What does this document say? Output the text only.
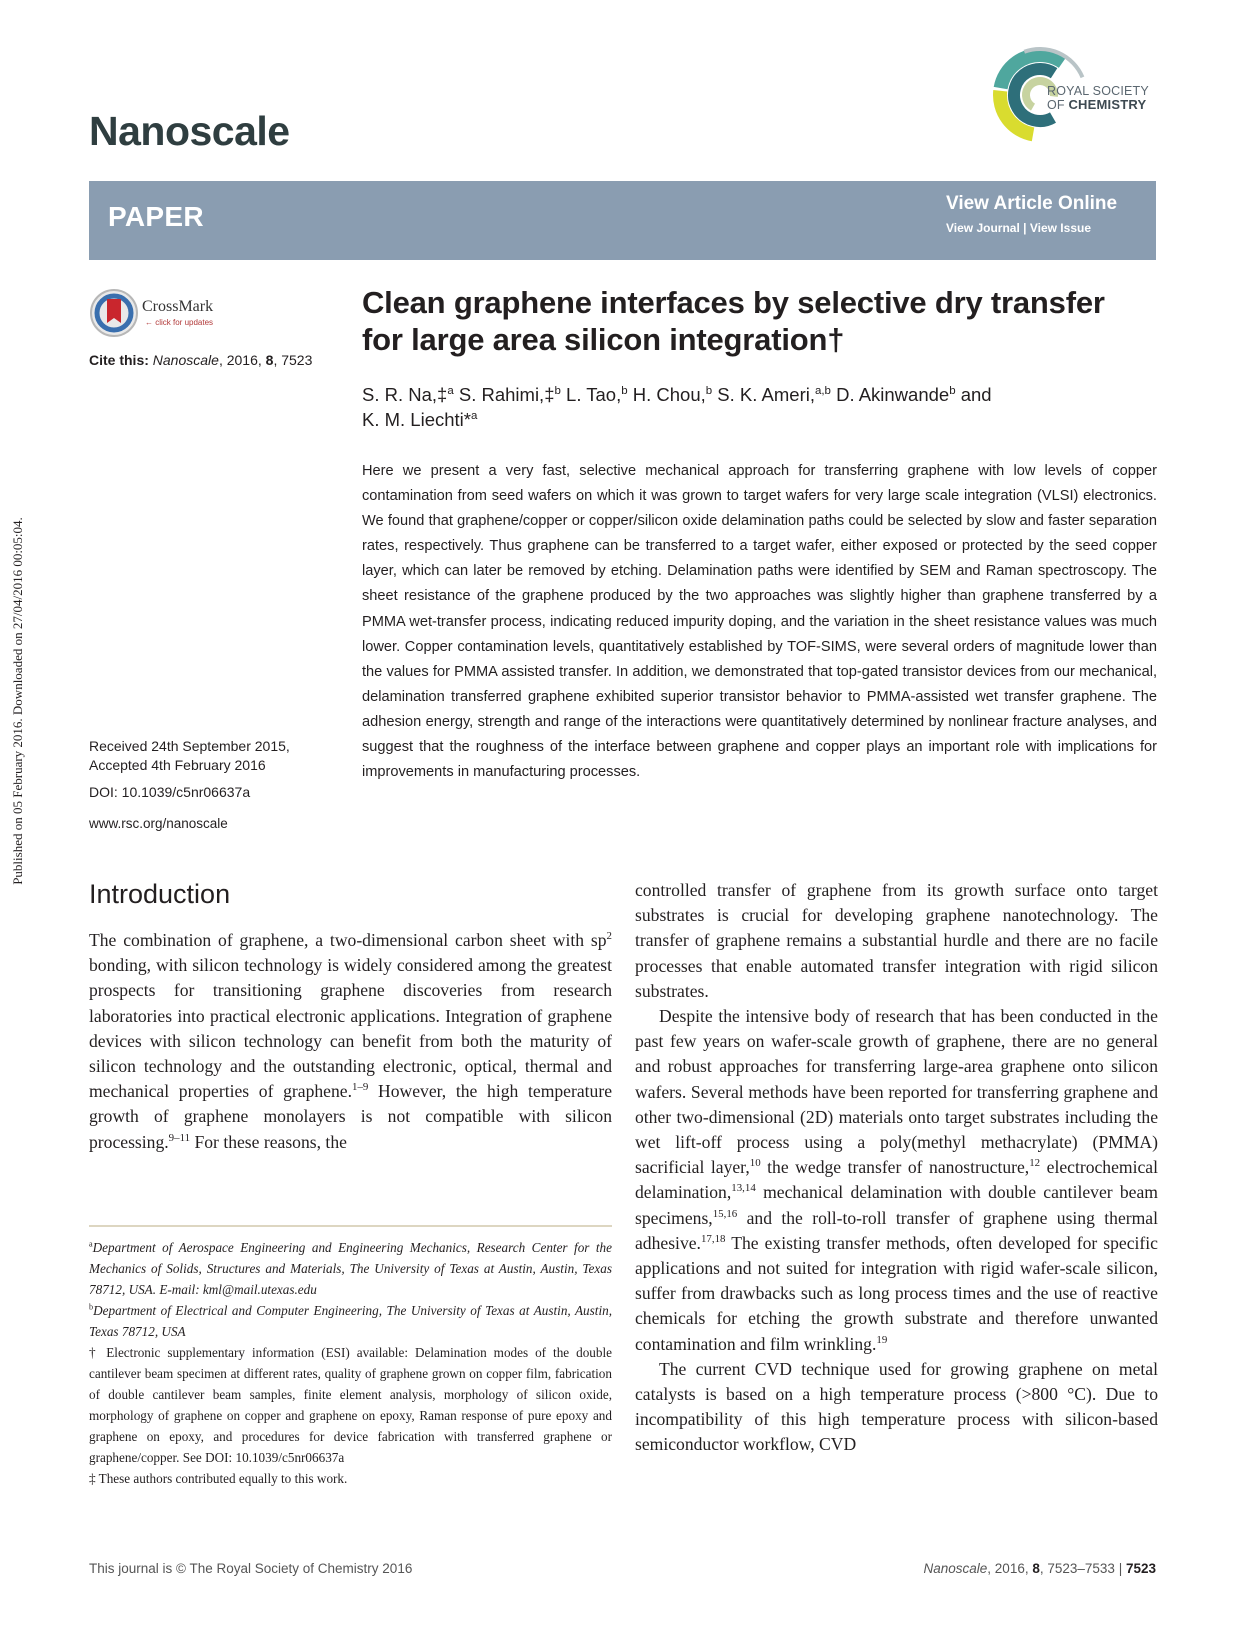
Published on 05 February 2016. Downloaded on 27/04/2016 00:05:04.
Nanoscale
ROYAL SOCIETY
OF CHEMISTRY
PAPER	View Article Online
View Journal | View Issue
CrossMark
← click for updates
Cite this: Nanoscale, 2016, 8, 7523
Received 24th September 2015,
Accepted 4th February 2016
DOI: 10.1039/c5nr06637a
www.rsc.org/nanoscale
Clean graphene interfaces by selective dry transfer
for large area silicon integration†
S. R. Na,‡$^a$ S. Rahimi,‡$^b$ L. Tao,$^b$ H. Chou,$^b$ S. K. Ameri,$^{a,b}$ D. Akinwande$^b$ and
K. M. Liechti*$^a$
Here we present a very fast, selective mechanical approach for transferring graphene with low levels of copper contamination from seed wafers on which it was grown to target wafers for very large scale integration (VLSI) electronics. We found that graphene/copper or copper/silicon oxide delamination paths could be selected by slow and faster separation rates, respectively. Thus graphene can be transferred to a target wafer, either exposed or protected by the seed copper layer, which can later be removed by etching. Delamination paths were identified by SEM and Raman spectroscopy. The sheet resistance of the graphene produced by the two approaches was slightly higher than graphene transferred by a PMMA wet-transfer process, indicating reduced impurity doping, and the variation in the sheet resistance values was much lower. Copper contamination levels, quantitatively established by TOF-SIMS, were several orders of magnitude lower than the values for PMMA assisted transfer. In addition, we demonstrated that top-gated transistor devices from our mechanical, delamination transferred graphene exhibited superior transistor behavior to PMMA-assisted wet transfer graphene. The adhesion energy, strength and range of the interactions were quantitatively determined by nonlinear fracture analyses, and suggest that the roughness of the interface between graphene and copper plays an important role with implications for improvements in manufacturing processes.
Introduction
The combination of graphene, a two-dimensional carbon sheet with $sp^2$ bonding, with silicon technology is widely considered among the greatest prospects for transitioning graphene discoveries from research laboratories into practical electronic applications. Integration of graphene devices with silicon technology can benefit from both the maturity of silicon technology and the outstanding electronic, optical, thermal and mechanical properties of graphene.$^{1-9}$ However, the high temperature growth of graphene monolayers is not compatible with silicon processing.$^{9-11}$ For these reasons, the

controlled transfer of graphene from its growth surface onto target substrates is crucial for developing graphene nanotechnology. The transfer of graphene remains a substantial hurdle and there are no facile processes that enable automated transfer integration with rigid silicon substrates.

Despite the intensive body of research that has been conducted in the past few years on wafer-scale growth of graphene, there are no general and robust approaches for transferring large-area graphene onto silicon wafers. Several methods have been reported for transferring graphene and other two-dimensional (2D) materials onto target substrates including the wet lift-off process using a poly(methyl methacrylate) (PMMA) sacrificial layer,$^{10}$ the wedge transfer of nanostructure,$^{12}$ electrochemical delamination,$^{13,14}$ mechanical delamination with double cantilever beam specimens,$^{15,16}$ and the roll-to-roll transfer of graphene using thermal adhesive.$^{17,18}$ The existing transfer methods, often developed for specific applications and not suited for integration with rigid wafer-scale silicon, suffer from drawbacks such as long process times and the use of reactive chemicals for etching the growth substrate and therefore unwanted contamination and film wrinkling.$^{19}$

The current CVD technique used for growing graphene on metal catalysts is based on a high temperature process (>800 °C). Due to incompatibility of this high temperature process with silicon-based semiconductor workflow, CVD

$^a$Department of Aerospace Engineering and Engineering Mechanics, Research Center for the Mechanics of Solids, Structures and Materials, The University of Texas at Austin, Austin, Texas 78712, USA. E-mail: kml@mail.utexas.edu
$^b$Department of Electrical and Computer Engineering, The University of Texas at Austin, Austin, Texas 78712, USA
† Electronic supplementary information (ESI) available: Delamination modes of the double cantilever beam specimen at different rates, quality of graphene grown on copper film, fabrication of double cantilever beam samples, finite element analysis, morphology of silicon oxide, morphology of graphene on copper and graphene on epoxy, Raman response of pure epoxy and graphene on epoxy, and procedures for device fabrication with transferred graphene or graphene/copper. See DOI: 10.1039/c5nr06637a
‡ These authors contributed equally to this work.
This journal is © The Royal Society of Chemistry 2016	Nanoscale, 2016, 8, 7523–7533 | 7523
